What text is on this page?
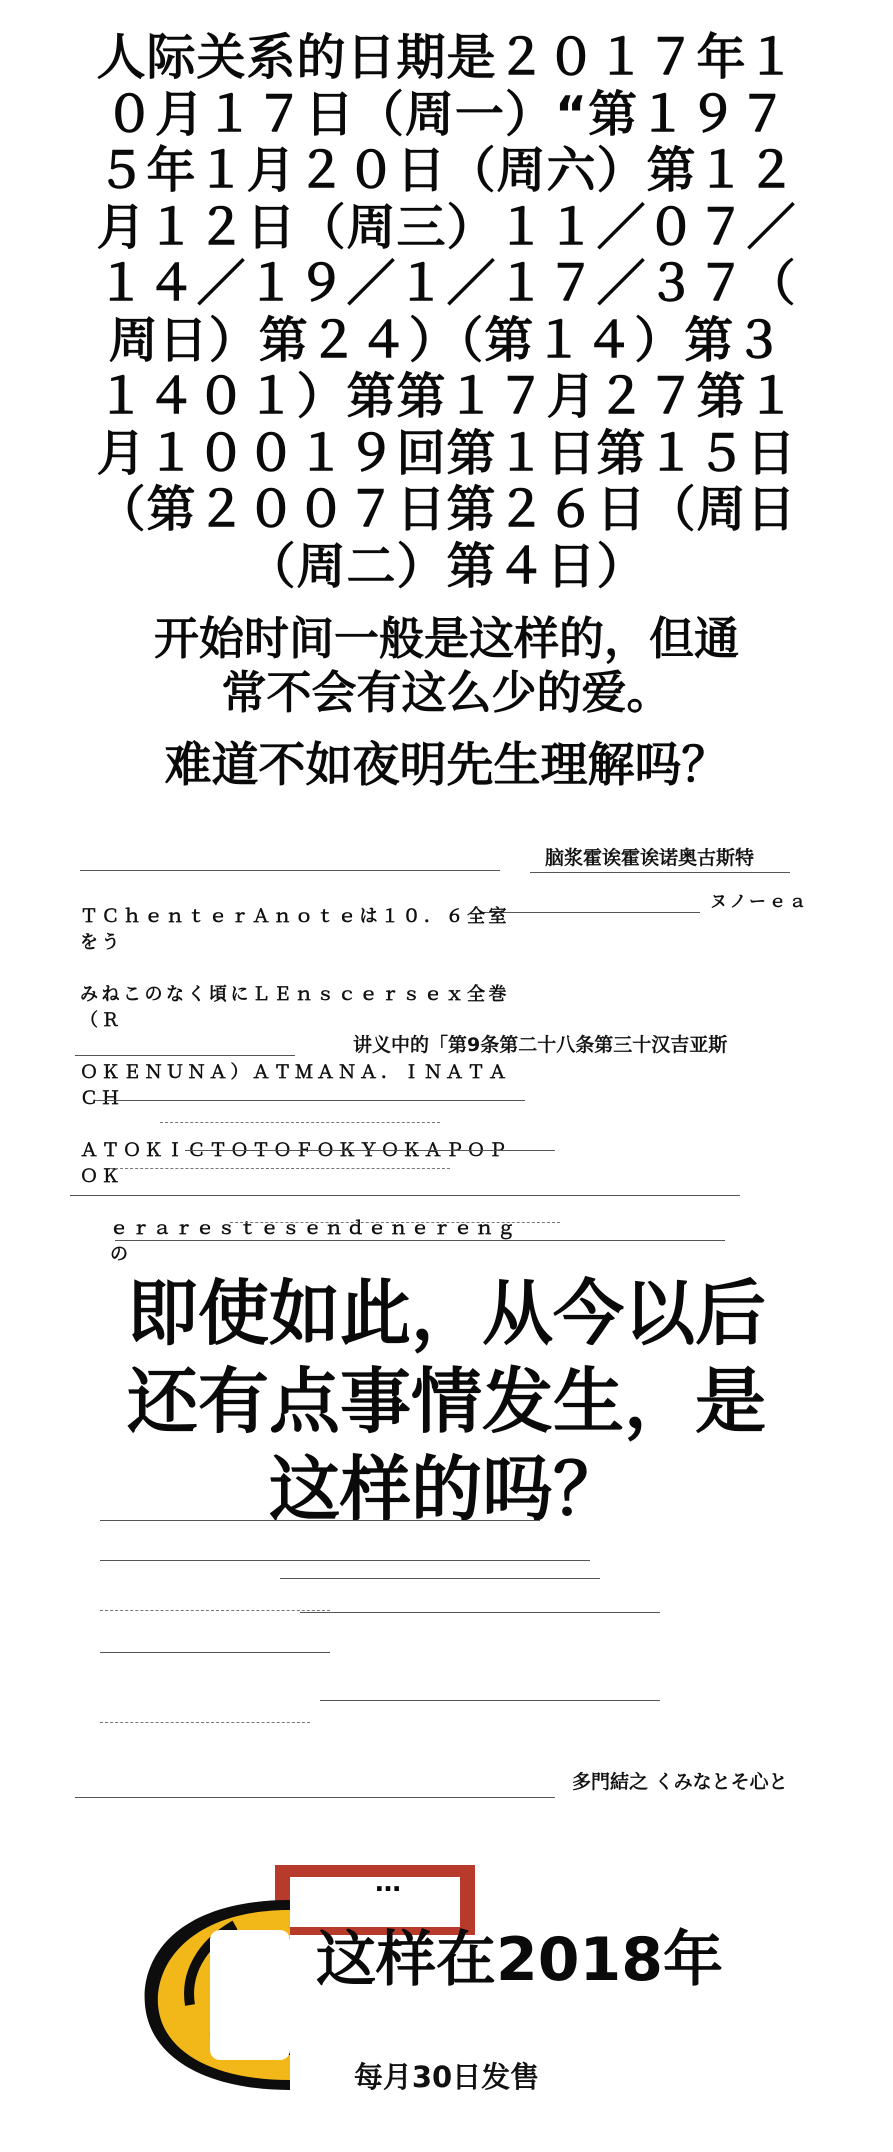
人际关系的日期是２０１７年１
０月１７日（周一）“第１９７
５年１月２０日（周六）第１２
月１２日（周三）１１／０７／
１４／１９／１／１７／３７（
周日）第２４）（第１４）第３
１４０１）第第１７月２７第１
月１００１９回第１日第１５日
（第２００７日第２６日（周日
（周二）第４日）

开始时间一般是这样的，但通
常不会有这么少的爱。

难道不如夜明先生理解吗？

脑浆霍诶霍诶诺奥古斯特

ヌノーｅａ

ＴＣｈｅｎｔｅｒＡｎｏｔｅは１０．６全室をう

みねこのなく頃にＬＥｎｓｃｅｒｓｅｘ全巻（Ｒ

ＯＫＥＮＵＮＡ）ＡＴＭＡＮＡ．ＩＮＡＴＡＣＨ

ＡＴＯＫＩＣＴＯＴＯＦＯＫＹＯＫＡＰＯＰＯＫ

ｅｒａｒｅｓｔｅｓｅｎｄｅｎｅｒｅｎｇの

讲义中的「第9条第二十八条第三十汉吉亚斯

即使如此，从今以后
还有点事情发生，是
这样的吗？

多門結之 くみなとそ心と

…

这样在2018年

每月30日发售
